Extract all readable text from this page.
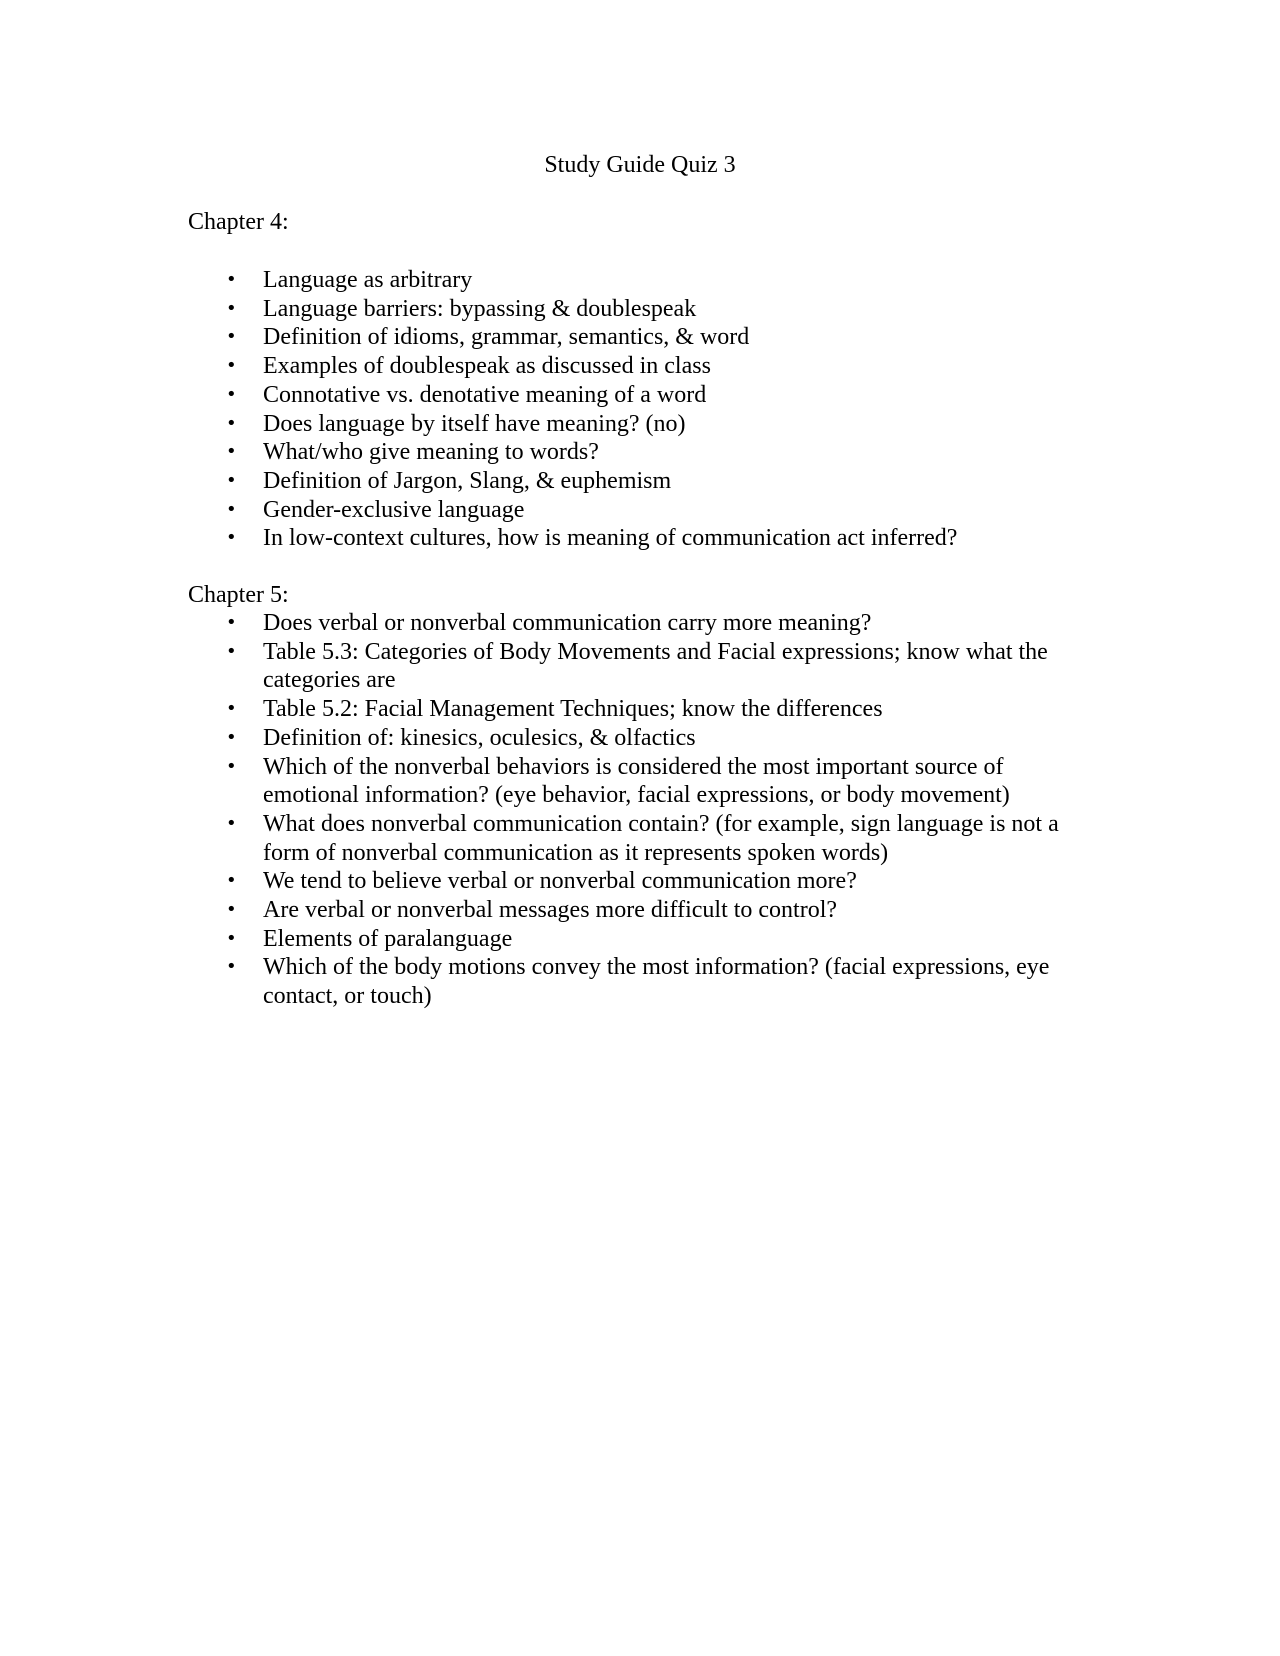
Study Guide Quiz 3
Chapter 4:
• Language as arbitrary
• Language barriers: bypassing & doublespeak
• Definition of idioms, grammar, semantics, & word
• Examples of doublespeak as discussed in class
• Connotative vs. denotative meaning of a word
• Does language by itself have meaning? (no)
• What/who give meaning to words?
• Definition of Jargon, Slang, & euphemism
• Gender-exclusive language
• In low-context cultures, how is meaning of communication act inferred?
Chapter 5:
• Does verbal or nonverbal communication carry more meaning?
• Table 5.3: Categories of Body Movements and Facial expressions; know what the categories are
• Table 5.2: Facial Management Techniques; know the differences
• Definition of: kinesics, oculesics, & olfactics
• Which of the nonverbal behaviors is considered the most important source of emotional information? (eye behavior, facial expressions, or body movement)
• What does nonverbal communication contain? (for example, sign language is not a form of nonverbal communication as it represents spoken words)
• We tend to believe verbal or nonverbal communication more?
• Are verbal or nonverbal messages more difficult to control?
• Elements of paralanguage
• Which of the body motions convey the most information? (facial expressions, eye contact, or touch)
